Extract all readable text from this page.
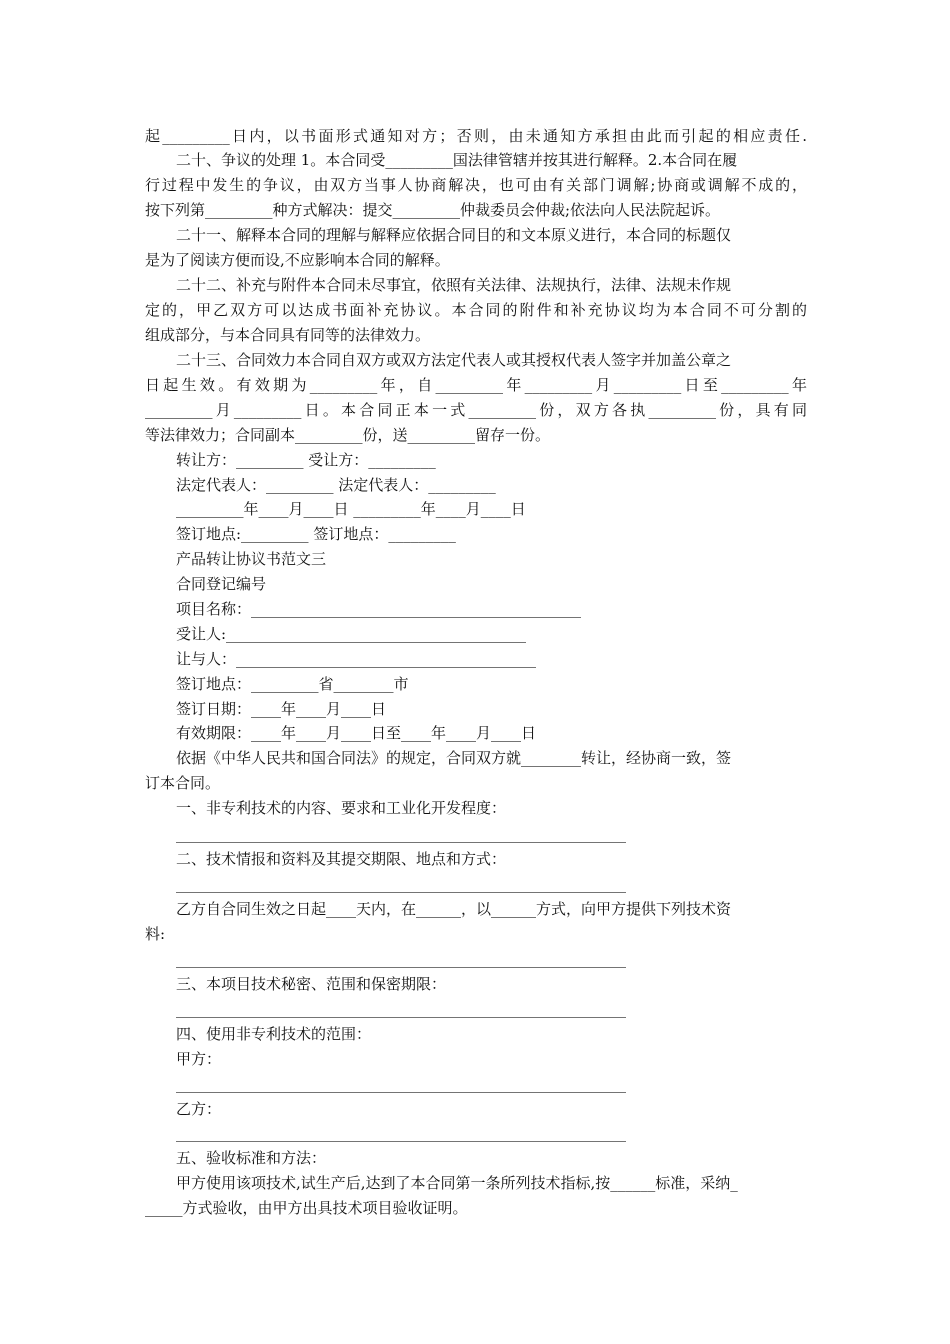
起_________日内，以书面形式通知对方；否则，由未通知方承担由此而引起的相应责任.
二十、争议的处理 1。本合同受_________国法律管辖并按其进行解释。2.本合同在履
行过程中发生的争议，由双方当事人协商解决，也可由有关部门调解;协商或调解不成的，
按下列第_________种方式解决：提交_________仲裁委员会仲裁;依法向人民法院起诉。
二十一、解释本合同的理解与解释应依据合同目的和文本原义进行，本合同的标题仅
是为了阅读方便而设,不应影响本合同的解释。
二十二、补充与附件本合同未尽事宜，依照有关法律、法规执行，法律、法规未作规
定的，甲乙双方可以达成书面补充协议。本合同的附件和补充协议均为本合同不可分割的
组成部分，与本合同具有同等的法律效力。
二十三、合同效力本合同自双方或双方法定代表人或其授权代表人签字并加盖公章之
日起生效。有效期为_________年，自_________年_________月_________日至_________年
_________月_________日。本合同正本一式_________份，双方各执_________份，具有同
等法律效力；合同副本_________份，送_________留存一份。
转让方：_________ 受让方：_________
法定代表人：_________ 法定代表人：_________
_________年____月____日 _________年____月____日
签订地点:_________ 签订地点：_________
产品转让协议书范文三
合同登记编号
项目名称：____________________________________________
受让人:________________________________________
让与人：________________________________________
签订地点：_________省________市
签订日期：____年____月____日
有效期限：____年____月____日至____年____月____日
依据《中华人民共和国合同法》的规定，合同双方就________转让，经协商一致，签
订本合同。
一、非专利技术的内容、要求和工业化开发程度：
____________________________________________________________
二、技术情报和资料及其提交期限、地点和方式：
____________________________________________________________
乙方自合同生效之日起____天内，在______，以______方式，向甲方提供下列技术资
料:
____________________________________________________________
三、本项目技术秘密、范围和保密期限：
____________________________________________________________
四、使用非专利技术的范围：
甲方：
____________________________________________________________
乙方：
____________________________________________________________
五、验收标准和方法：
甲方使用该项技术,试生产后,达到了本合同第一条所列技术指标,按______标准，采纳_
_____方式验收，由甲方出具技术项目验收证明。
